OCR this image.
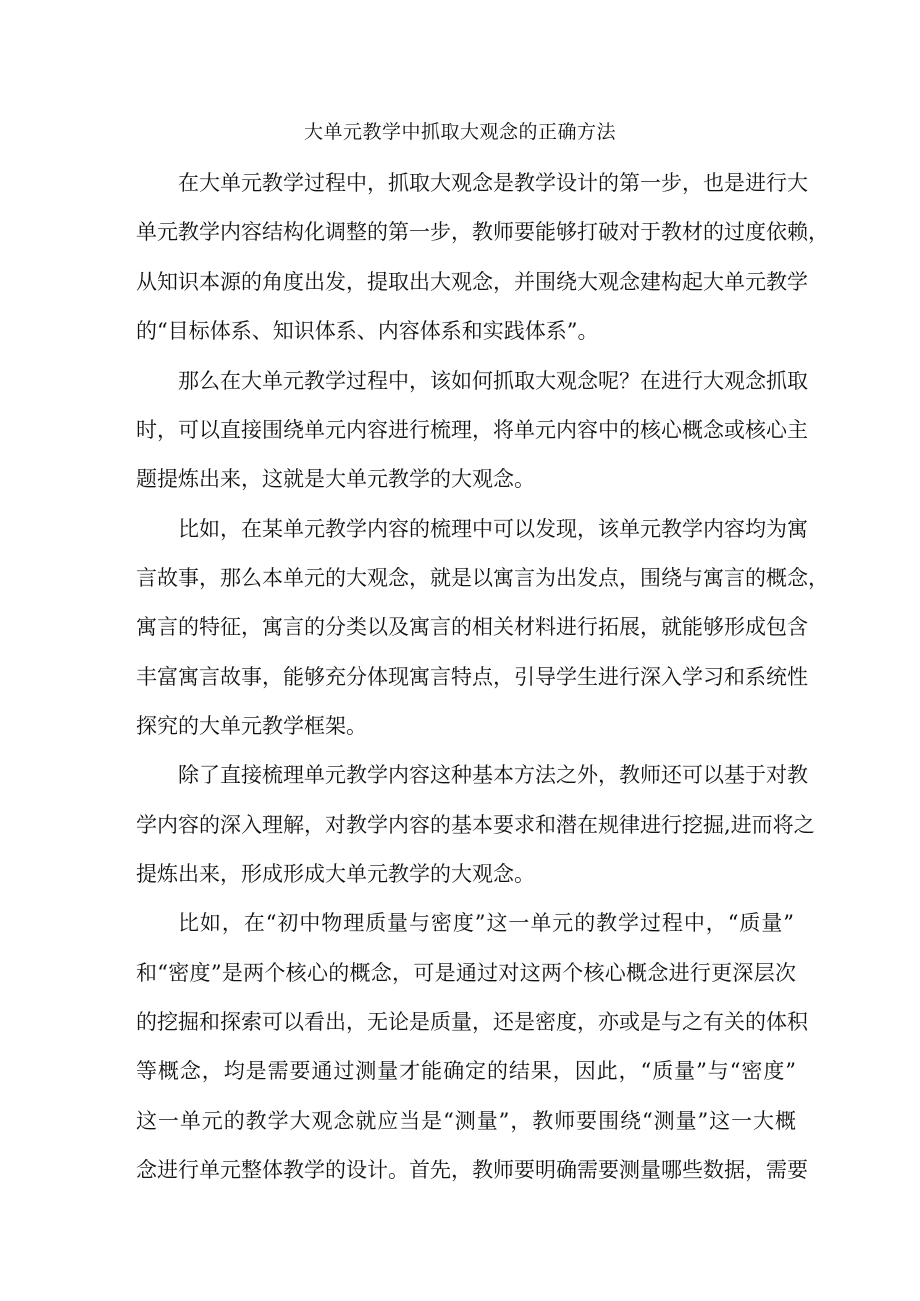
大单元教学中抓取大观念的正确方法
在大单元教学过程中，抓取大观念是教学设计的第一步，也是进行大
单元教学内容结构化调整的第一步，教师要能够打破对于教材的过度依赖，
从知识本源的角度出发，提取出大观念，并围绕大观念建构起大单元教学
的“目标体系、知识体系、内容体系和实践体系”。
那么在大单元教学过程中，该如何抓取大观念呢？在进行大观念抓取
时，可以直接围绕单元内容进行梳理，将单元内容中的核心概念或核心主
题提炼出来，这就是大单元教学的大观念。
比如，在某单元教学内容的梳理中可以发现，该单元教学内容均为寓
言故事，那么本单元的大观念，就是以寓言为出发点，围绕与寓言的概念，
寓言的特征，寓言的分类以及寓言的相关材料进行拓展，就能够形成包含
丰富寓言故事，能够充分体现寓言特点，引导学生进行深入学习和系统性
探究的大单元教学框架。
除了直接梳理单元教学内容这种基本方法之外，教师还可以基于对教
学内容的深入理解，对教学内容的基本要求和潜在规律进行挖掘,进而将之
提炼出来，形成形成大单元教学的大观念。
比如，在“初中物理质量与密度”这一单元的教学过程中，“质量”
和“密度”是两个核心的概念，可是通过对这两个核心概念进行更深层次
的挖掘和探索可以看出，无论是质量，还是密度，亦或是与之有关的体积
等概念，均是需要通过测量才能确定的结果，因此，“质量”与“密度”
这一单元的教学大观念就应当是“测量”，教师要围绕“测量”这一大概
念进行单元整体教学的设计。首先，教师要明确需要测量哪些数据，需要
